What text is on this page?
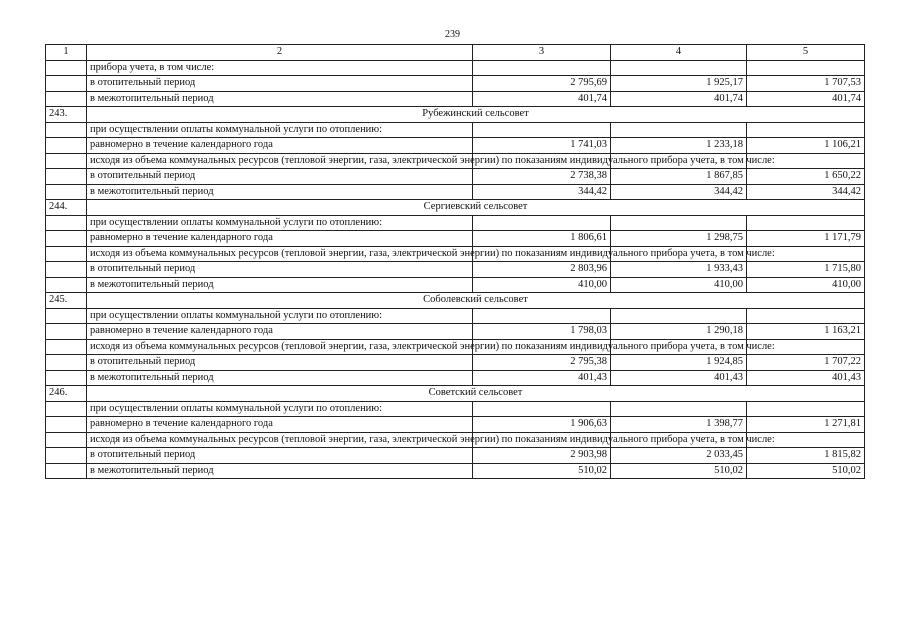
239
1	2	3	4	5
	прибора учета, в том числе:			
	в отопительный период	2 795,69	1 925,17	1 707,53
	в межотопительный период	401,74	401,74	401,74
243.	Рубежинский сельсовет			
	при осуществлении оплаты коммунальной услуги по отоплению:			
	равномерно в течение календарного года	1 741,03	1 233,18	1 106,21
	исходя из объема коммунальных ресурсов (тепловой энергии, газа, электрической энергии) по показаниям индивидуального прибора учета, в том числе:			
	в отопительный период	2 738,38	1 867,85	1 650,22
	в межотопительный период	344,42	344,42	344,42
244.	Сергиевский сельсовет			
	при осуществлении оплаты коммунальной услуги по отоплению:			
	равномерно в течение календарного года	1 806,61	1 298,75	1 171,79
	исходя из объема коммунальных ресурсов (тепловой энергии, газа, электрической энергии) по показаниям индивидуального прибора учета, в том числе:			
	в отопительный период	2 803,96	1 933,43	1 715,80
	в межотопительный период	410,00	410,00	410,00
245.	Соболевский сельсовет			
	при осуществлении оплаты коммунальной услуги по отоплению:			
	равномерно в течение календарного года	1 798,03	1 290,18	1 163,21
	исходя из объема коммунальных ресурсов (тепловой энергии, газа, электрической энергии) по показаниям индивидуального прибора учета, в том числе:			
	в отопительный период	2 795,38	1 924,85	1 707,22
	в межотопительный период	401,43	401,43	401,43
246.	Советский сельсовет			
	при осуществлении оплаты коммунальной услуги по отоплению:			
	равномерно в течение календарного года	1 906,63	1 398,77	1 271,81
	исходя из объема коммунальных ресурсов (тепловой энергии, газа, электрической энергии) по показаниям индивидуального прибора учета, в том числе:			
	в отопительный период	2 903,98	2 033,45	1 815,82
	в межотопительный период	510,02	510,02	510,02
